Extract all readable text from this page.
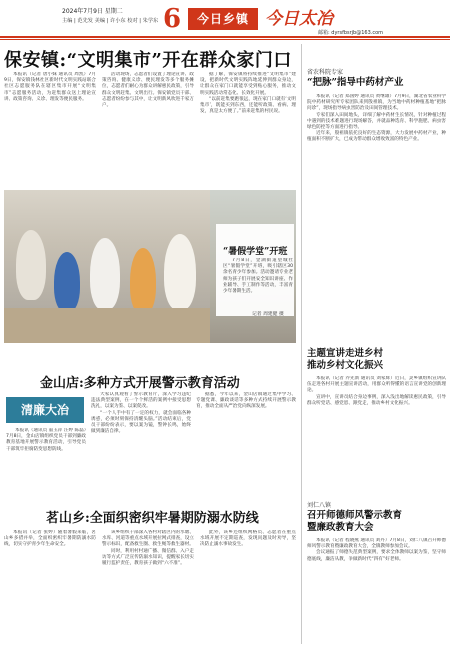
2024年7月9日 星期二
主编 | 范先发 美编 | 许小东 校对 | 朱学东 6	今日乡镇 今日太冶
邮箱: dyrsfbsrjb@163.com
保安镇:“文明集市”开在群众家门口

本报讯（记者 唐小妹 通讯员 周凯）7月9日，保安镇钱林社区新时代文明实践站联合社区志愿服务队在辖区集市开展“文明集市”志愿服务活动，为赶集群众送上理论宣讲、政策咨询、义诊、理发等便民服务。

活动现场，志愿者们设置了理论宣讲、政策咨询、健康义诊、便民理发等多个服务摊位，志愿者们耐心为群众讲解惠民政策，引导群众文明赶集、文明出行。保安镇党员干部、志愿者纷纷参与其中，让文明新风吹进千家万户。

据了解，保安镇将持续推进“文明集市”建设，把新时代文明实践阵地延伸到群众身边，让群众在家门口就能享受到贴心服务，推动文明实践活动常态化、长效化开展。

“以前赶集要跑很远，现在家门口就有‘文明集市’，既能买到东西，还能听政策、看病、理发，真是太方便了。”前来赶集的村民说。

“暑假学堂”开班

7月8日，金湖街道望城社区“暑假学堂”开班，吸引辖区30余名青少年参加。活动邀请专业老师为孩子们开展安全知识讲座、作业辅导、手工制作等活动，丰富青少年暑期生活。

记者 周建健 摄
金山店:多种方式开展警示教育活动
清廉大冶

本报讯（通讯员 董玉萍 汪婷 陈磊）7月8日，金山店镇组织党员干部到廉政教育基地开展警示教育活动，引导党员干部筑牢拒腐防变思想防线。

大家认真观看了警示教育片，深入学习违纪违法典型案例，在一个个鲜活的案例中接受思想洗礼，以案为鉴、以案促改。

“一个人手中有了一定的权力，就会面临各种诱惑，必须时刻保持清醒头脑。”活动结束后，党员干部纷纷表示，要以案为镜，警钟长鸣，始终做到廉洁自律。

据悉，今年以来，金山店镇通过集中学习、专题党课、廉政谈话等多种方式持续开展警示教育，推动全面从严治党向纵深发展。

茗山乡:全面织密织牢暑期防溺水防线

本报讯（记者 张婷）随着暑假来临，茗山乡多措并举，全面织密织牢暑期防溺水防线，切实守护青少年生命安全。

该乡组织干部深入各村对辖区内的水塘、水库、河道等重点水域开展拉网式排查，设立警示标识，配备救生圈、救生绳等救生器材。

同时，利用村村通广播、微信群、入户走访等方式广泛宣传防溺水知识，提醒家长切实履行监护责任，教育孩子做到“六不准”。

此外，该乡还组织网格员、志愿者在重点水域开展不定期巡查，发现问题及时劝导，坚决防止溺水事故发生。

省农科院专家
“把脉”指导中药材产业

本报讯（记者 郑国婷 通讯员 黄继雄）7月9日，湖北省农业科学院中药材研究所专家团队来到殷祖镇，为当地中药材种植基地“把脉问诊”，现场指导病虫害防治及田间管理技术。

专家们深入田间地头，详细了解中药材生长情况，针对种植过程中遇到的技术难题进行现场解答，并就品种选育、科学施肥、病虫害绿色防控等方面进行指导。

近年来，殷祖镇依托良好的生态资源，大力发展中药材产业，种植面积不断扩大，已成为带动群众增收致富的特色产业。

主题宣讲走进乡村
推动乡村文化振兴

本报讯（记者 乔先新 通讯员 刘家辉）近日，灵乡镇组织宣讲队伍走进各村开展主题宣讲活动，用群众听得懂的语言宣讲党的创新理论。

宣讲中，宣讲员结合身边事例，深入浅出地解读惠民政策，引导群众听党话、感党恩、跟党走，推动乡村文化振兴。

刘仁八镇
召开师德师风警示教育
暨廉政教育大会

本报讯（记者 程晓燕 通讯员 刘丹）7月8日，刘仁八镇召开师德师风警示教育暨廉政教育大会，全镇教师参加会议。

会议通报了师德失范典型案例，要求全体教师以案为鉴，坚守师德底线，廉洁从教，争做新时代“四有”好老师。
